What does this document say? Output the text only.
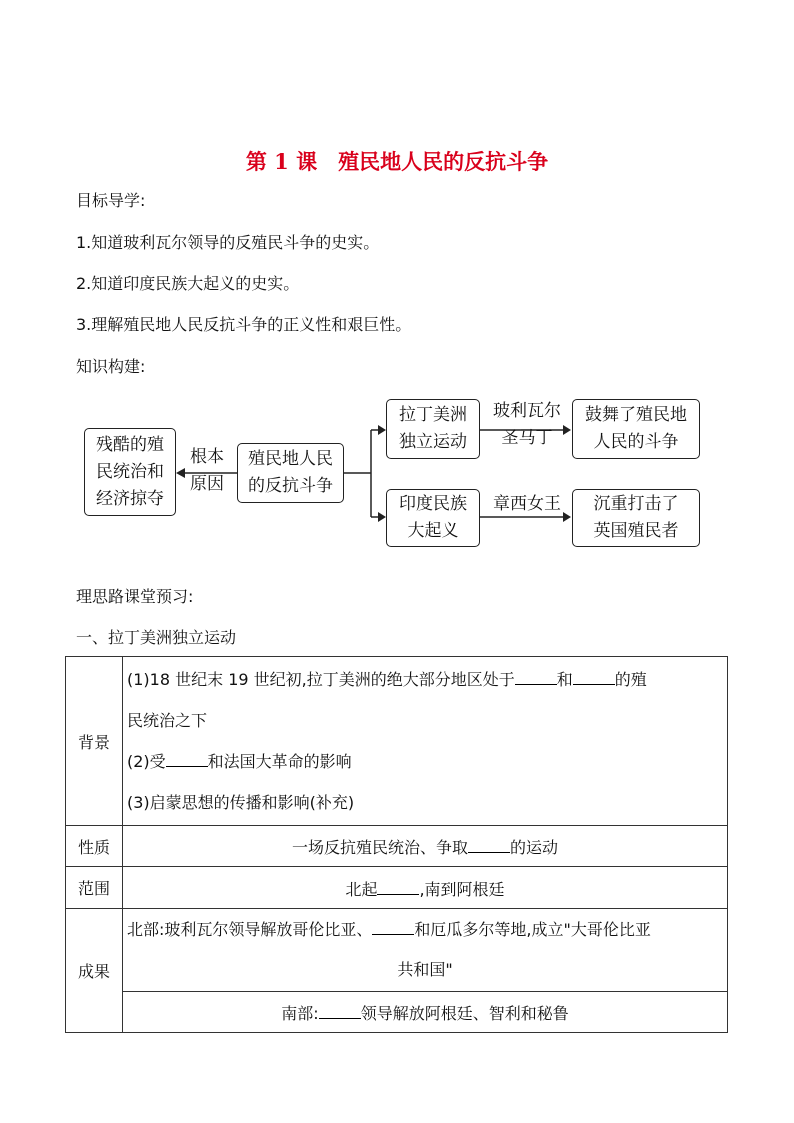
第 1 课　殖民地人民的反抗斗争
目标导学:
1.知道玻利瓦尔领导的反殖民斗争的史实。
2.知道印度民族大起义的史实。
3.理解殖民地人民反抗斗争的正义性和艰巨性。
知识构建:
残酷的殖
民统治和
经济掠夺
根本
原因
殖民地人民
的反抗斗争
拉丁美洲
独立运动
玻利瓦尔
圣马丁
鼓舞了殖民地
人民的斗争
印度民族
大起义
章西女王	沉重打击了
英国殖民者
理思路课堂预习:
一、拉丁美洲独立运动
背景	(1)18 世纪末 19 世纪初,拉丁美洲的绝大部分地区处于 和 的殖
民统治之下
(2)受 和法国大革命的影响
(3)启蒙思想的传播和影响(补充)

性质	一场反抗殖民统治、争取 的运动
范围	北起 ,南到阿根廷
成果	北部:玻利瓦尔领导解放哥伦比亚、 和厄瓜多尔等地,成立"大哥伦比亚
共和国"

	南部: 领导解放阿根廷、智利和秘鲁
